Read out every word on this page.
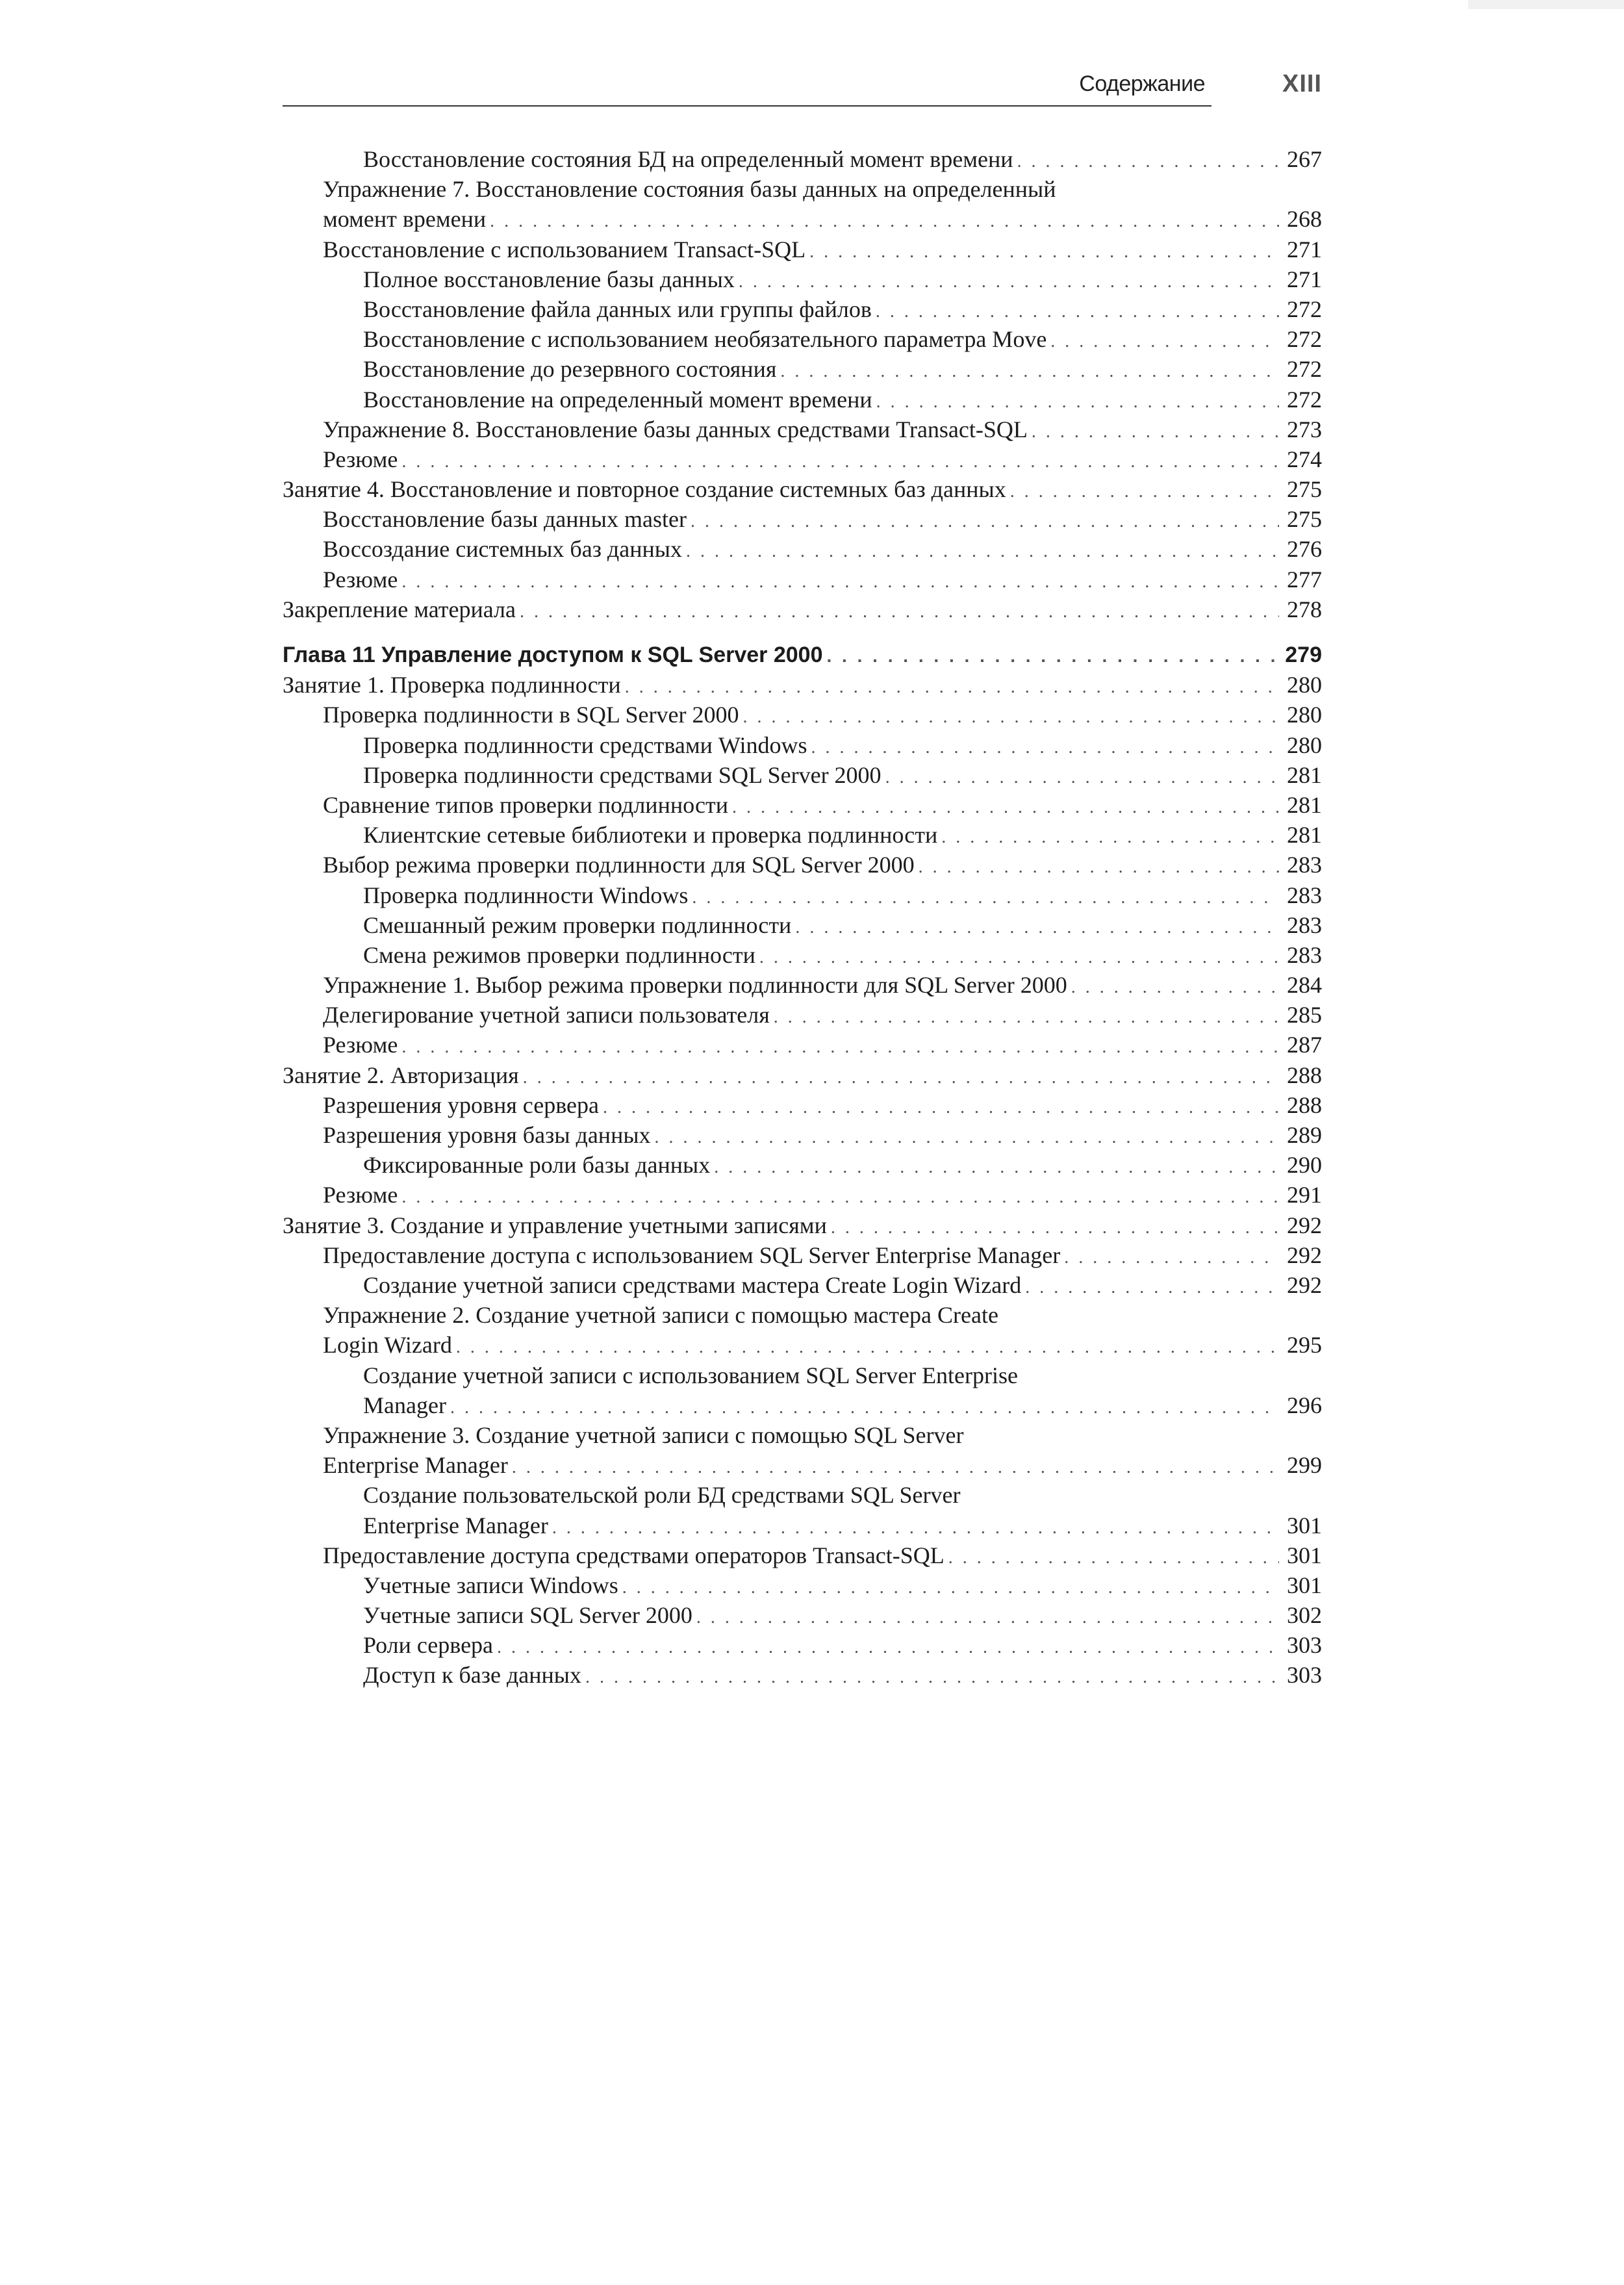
Содержание	XIII
Восстановление состояния БД на определенный момент времени . . .	267
Упражнение 7. Восстановление состояния базы данных на определенный
момент времени . . .	268
Восстановление с использованием Transact-SQL . . .	271
Полное восстановление базы данных . . .	271
Восстановление файла данных или группы файлов . . .	272
Восстановление с использованием необязательного параметра Move . . .	272
Восстановление до резервного состояния . . .	272
Восстановление на определенный момент времени . . .	272
Упражнение 8. Восстановление базы данных средствами Transact-SQL . . .	273
Резюме . . .	274
Занятие 4. Восстановление и повторное создание системных баз данных . . .	275
Восстановление базы данных master . . .	275
Воссоздание системных баз данных . . .	276
Резюме . . .	277
Закрепление материала . . .	278
Глава 11 Управление доступом к SQL Server 2000 . . .	279
Занятие 1. Проверка подлинности . . .	280
Проверка подлинности в SQL Server 2000 . . .	280
Проверка подлинности средствами Windows . . .	280
Проверка подлинности средствами SQL Server 2000 . . .	281
Сравнение типов проверки подлинности . . .	281
Клиентские сетевые библиотеки и проверка подлинности . . .	281
Выбор режима проверки подлинности для SQL Server 2000 . . .	283
Проверка подлинности Windows . . .	283
Смешанный режим проверки подлинности . . .	283
Смена режимов проверки подлинности . . .	283
Упражнение 1. Выбор режима проверки подлинности для SQL Server 2000 . . .	284
Делегирование учетной записи пользователя . . .	285
Резюме . . .	287
Занятие 2. Авторизация . . .	288
Разрешения уровня сервера . . .	288
Разрешения уровня базы данных . . .	289
Фиксированные роли базы данных . . .	290
Резюме . . .	291
Занятие 3. Создание и управление учетными записями . . .	292
Предоставление доступа с использованием SQL Server Enterprise Manager . . .	292
Создание учетной записи средствами мастера Create Login Wizard . . .	292
Упражнение 2. Создание учетной записи с помощью мастера Create
Login Wizard . . .	295
Создание учетной записи с использованием SQL Server Enterprise
Manager . . .	296
Упражнение 3. Создание учетной записи с помощью SQL Server
Enterprise Manager . . .	299
Создание пользовательской роли БД средствами SQL Server
Enterprise Manager . . .	301
Предоставление доступа средствами операторов Transact-SQL . . .	301
Учетные записи Windows . . .	301
Учетные записи SQL Server 2000 . . .	302
Роли сервера . . .	303
Доступ к базе данных . . .	303
